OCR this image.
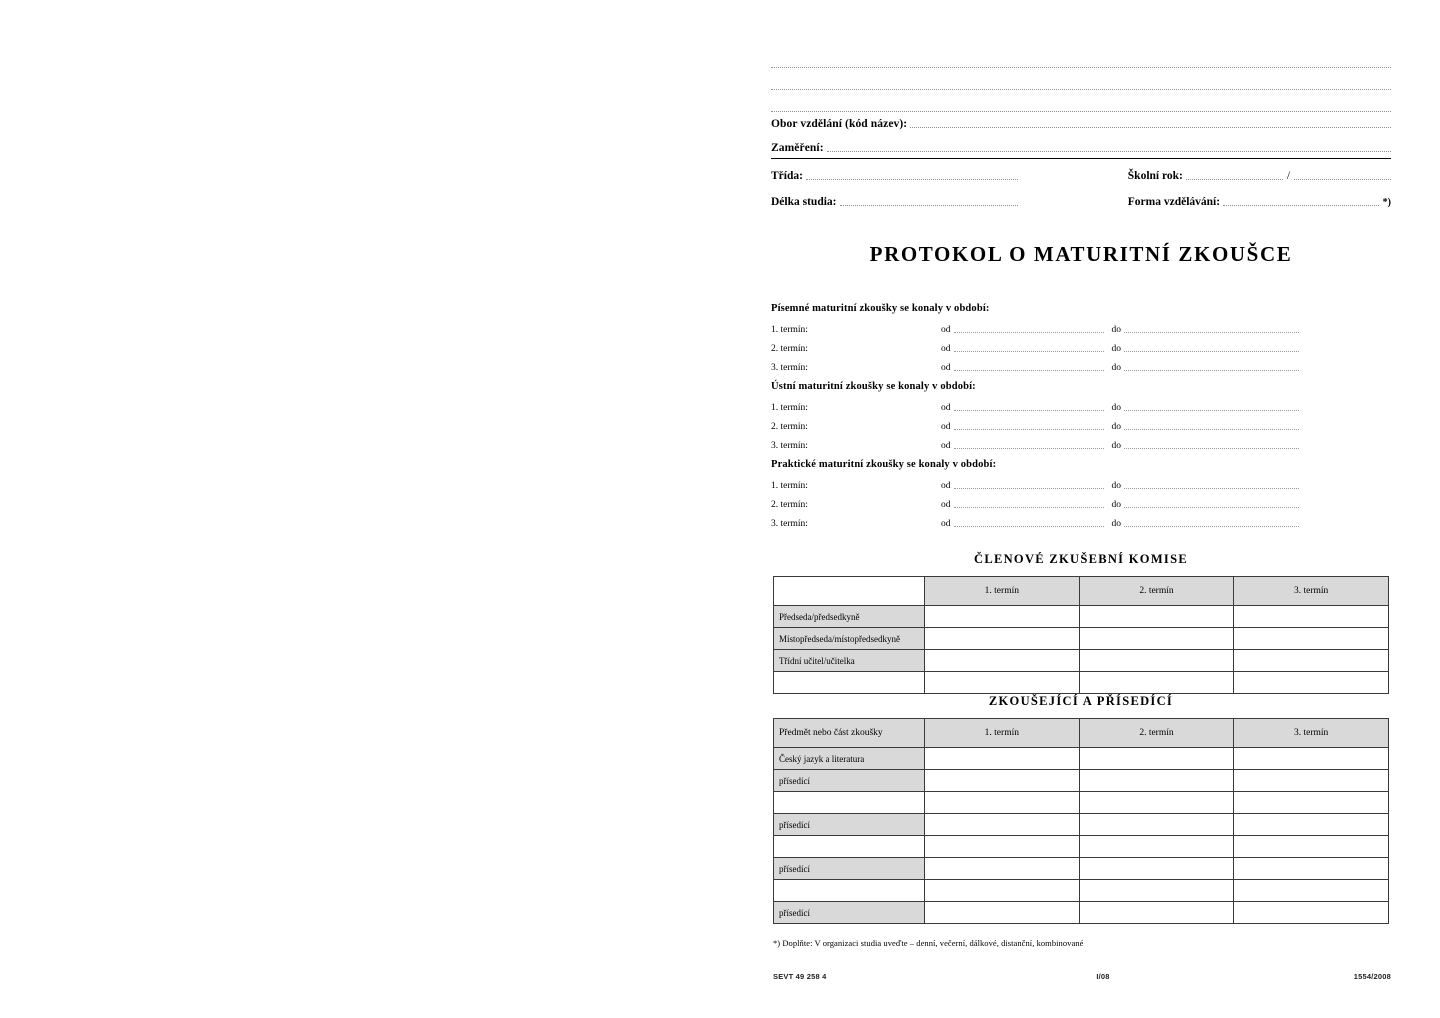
Obor vzdělání (kód název):
Zaměření:
Třída:	Školní rok:	/
Délka studia:	Forma vzdělávání:	*)
PROTOKOL O MATURITNÍ ZKOUŠCE
Písemné maturitní zkoušky se konaly v období:
1. termín:	od	do
2. termín:	od	do
3. termín:	od	do
Ústní maturitní zkoušky se konaly v období:
1. termín:	od	do
2. termín:	od	do
3. termín:	od	do
Praktické maturitní zkoušky se konaly v období:
1. termín:	od	do
2. termín:	od	do
3. termín:	od	do
ČLENOVÉ ZKUŠEBNÍ KOMISE
	1. termín	2. termín	3. termín
Předseda/předsedkyně			
Místopředseda/místopředsedkyně			
Třídní učitel/učitelka			

ZKOUŠEJÍCÍ A PŘÍSEDÍCÍ
Předmět nebo část zkoušky	1. termín	2. termín	3. termín
Český jazyk a literatura			
přísedící			

přísedící			

přísedící			

přísedící			
*) Doplňte: V organizaci studia uveďte – denní, večerní, dálkové, distanční, kombinované
SEVT 49 258 4	I/08	1554/2008
